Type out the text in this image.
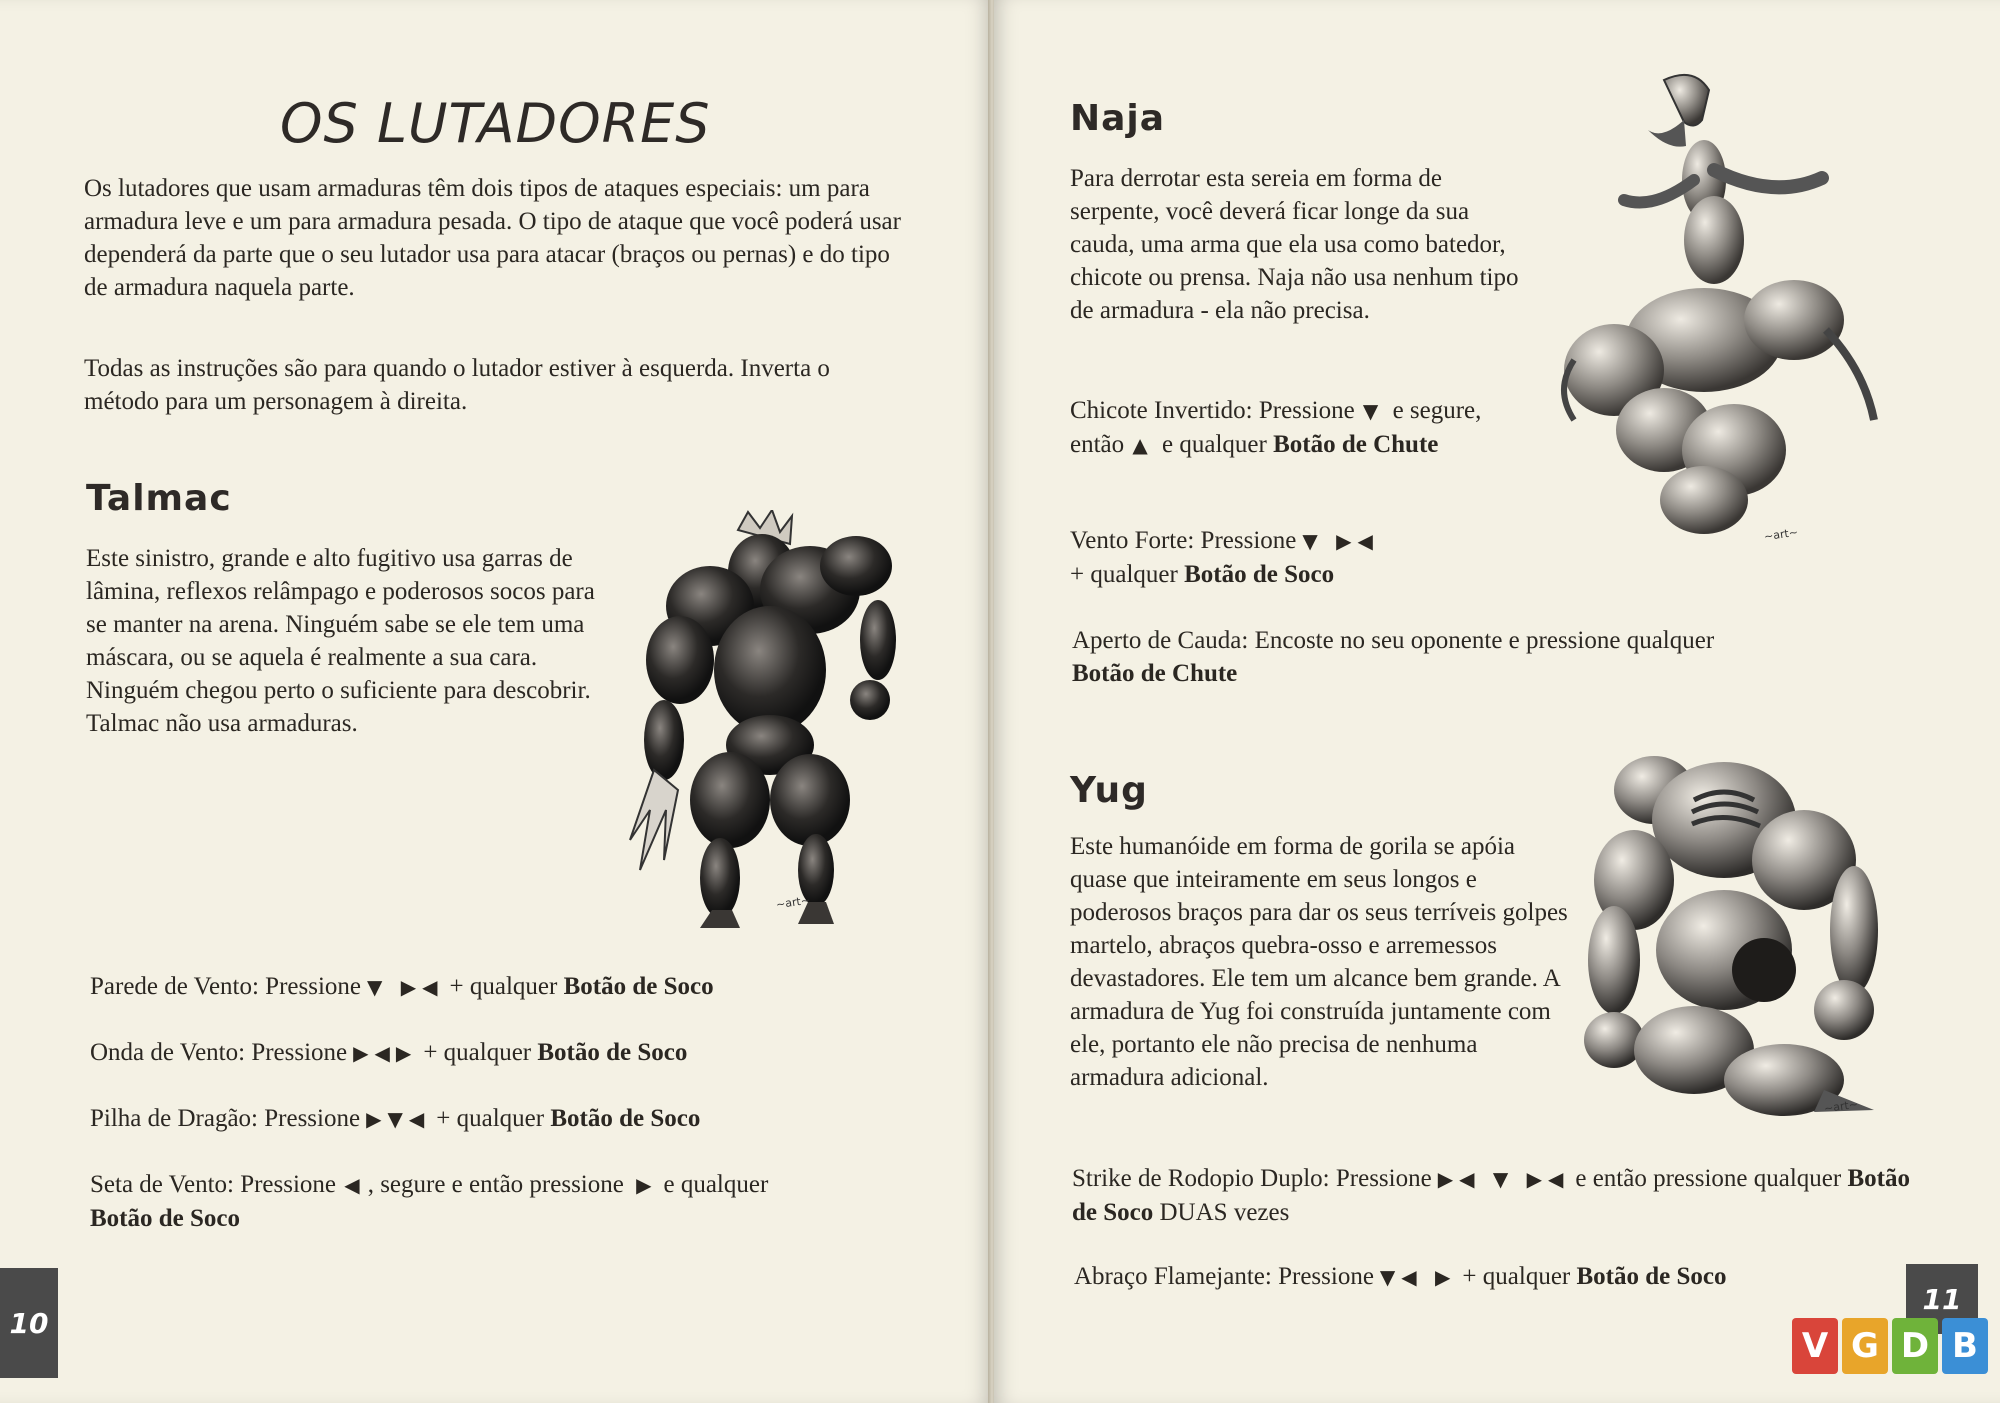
OS LUTADORES
Os lutadores que usam armaduras têm dois tipos de ataques especiais: um para armadura leve e um para armadura pesada. O tipo de ataque que você poderá usar dependerá da parte que o seu lutador usa para atacar (braços ou pernas) e do tipo de armadura naquela parte.
Todas as instruções são para quando o lutador estiver à esquerda. Inverta o método para um personagem à direita.
Talmac
Este sinistro, grande e alto fugitivo usa garras de lâmina, reflexos relâmpago e poderosos socos para se manter na arena. Ninguém sabe se ele tem uma máscara, ou se aquela é realmente a sua cara. Ninguém chegou perto o suficiente para descobrir. Talmac não usa armaduras.
~art~
Parede de Vento: Pressione ▼ ▶◀ + qualquer Botão de Soco
Onda de Vento: Pressione ▶◀▶ + qualquer Botão de Soco
Pilha de Dragão: Pressione ▶▼◀ + qualquer Botão de Soco
Seta de Vento: Pressione ◀, segure e então pressione ▶ e qualquer
Botão de Soco
10
Naja
Para derrotar esta sereia em forma de serpente, você deverá ficar longe da sua cauda, uma arma que ela usa como batedor, chicote ou prensa. Naja não usa nenhum tipo de armadura - ela não precisa.
~art~
Chicote Invertido: Pressione ▼ e segure, então ▲ e qualquer Botão de Chute
Vento Forte: Pressione ▼ ▶◀
+ qualquer Botão de Soco
Aperto de Cauda: Encoste no seu oponente e pressione qualquer
Botão de Chute
Yug
Este humanóide em forma de gorila se apóia quase que inteiramente em seus longos e poderosos braços para dar os seus terríveis golpes martelo, abraços quebra-osso e arremessos devastadores. Ele tem um alcance bem grande. A armadura de Yug foi construída juntamente com ele, portanto ele não precisa de nenhuma armadura adicional.
~art~
Strike de Rodopio Duplo: Pressione ▶◀ ▼ ▶◀ e então pressione qualquer Botão de Soco DUAS vezes
Abraço Flamejante: Pressione ▼◀ ▶ + qualquer Botão de Soco
11
V G D B
